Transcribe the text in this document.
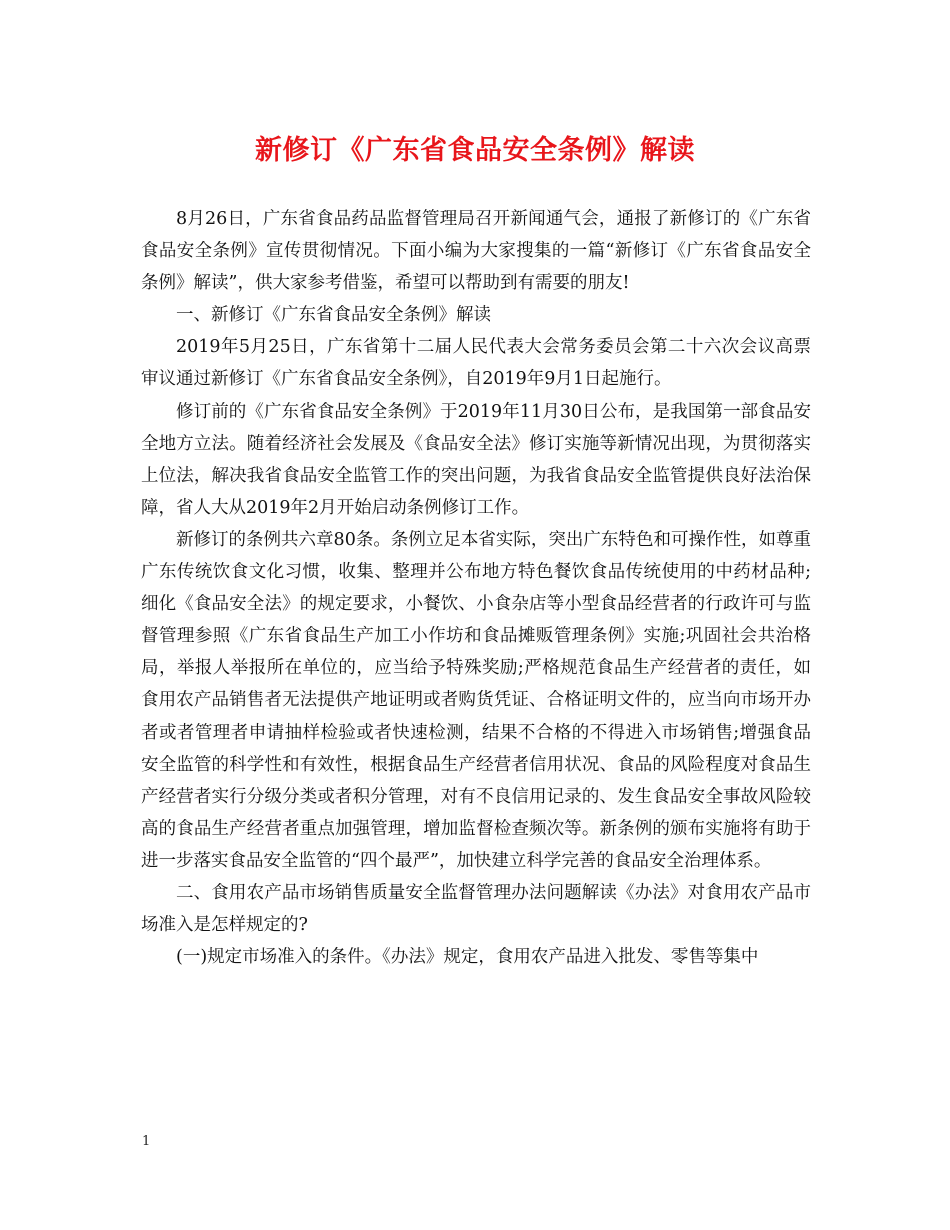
新修订《广东省食品安全条例》解读

8月26日，广东省食品药品监督管理局召开新闻通气会，通报了新修订的《广东省食品安全条例》宣传贯彻情况。下面小编为大家搜集的一篇“新修订《广东省食品安全条例》解读”，供大家参考借鉴，希望可以帮助到有需要的朋友!

一、新修订《广东省食品安全条例》解读

2019年5月25日，广东省第十二届人民代表大会常务委员会第二十六次会议高票审议通过新修订《广东省食品安全条例》，自2019年9月1日起施行。

修订前的《广东省食品安全条例》于2019年11月30日公布，是我国第一部食品安全地方立法。随着经济社会发展及《食品安全法》修订实施等新情况出现，为贯彻落实上位法，解决我省食品安全监管工作的突出问题，为我省食品安全监管提供良好法治保障，省人大从2019年2月开始启动条例修订工作。

新修订的条例共六章80条。条例立足本省实际，突出广东特色和可操作性，如尊重广东传统饮食文化习惯，收集、整理并公布地方特色餐饮食品传统使用的中药材品种;细化《食品安全法》的规定要求，小餐饮、小食杂店等小型食品经营者的行政许可与监督管理参照《广东省食品生产加工小作坊和食品摊贩管理条例》实施;巩固社会共治格局，举报人举报所在单位的，应当给予特殊奖励;严格规范食品生产经营者的责任，如食用农产品销售者无法提供产地证明或者购货凭证、合格证明文件的，应当向市场开办者或者管理者申请抽样检验或者快速检测，结果不合格的不得进入市场销售;增强食品安全监管的科学性和有效性，根据食品生产经营者信用状况、食品的风险程度对食品生产经营者实行分级分类或者积分管理，对有不良信用记录的、发生食品安全事故风险较高的食品生产经营者重点加强管理，增加监督检查频次等。新条例的颁布实施将有助于进一步落实食品安全监管的“四个最严”，加快建立科学完善的食品安全治理体系。

二、食用农产品市场销售质量安全监督管理办法问题解读《办法》对食用农产品市场准入是怎样规定的?

(一)规定市场准入的条件。《办法》规定，食用农产品进入批发、零售等集中

1
